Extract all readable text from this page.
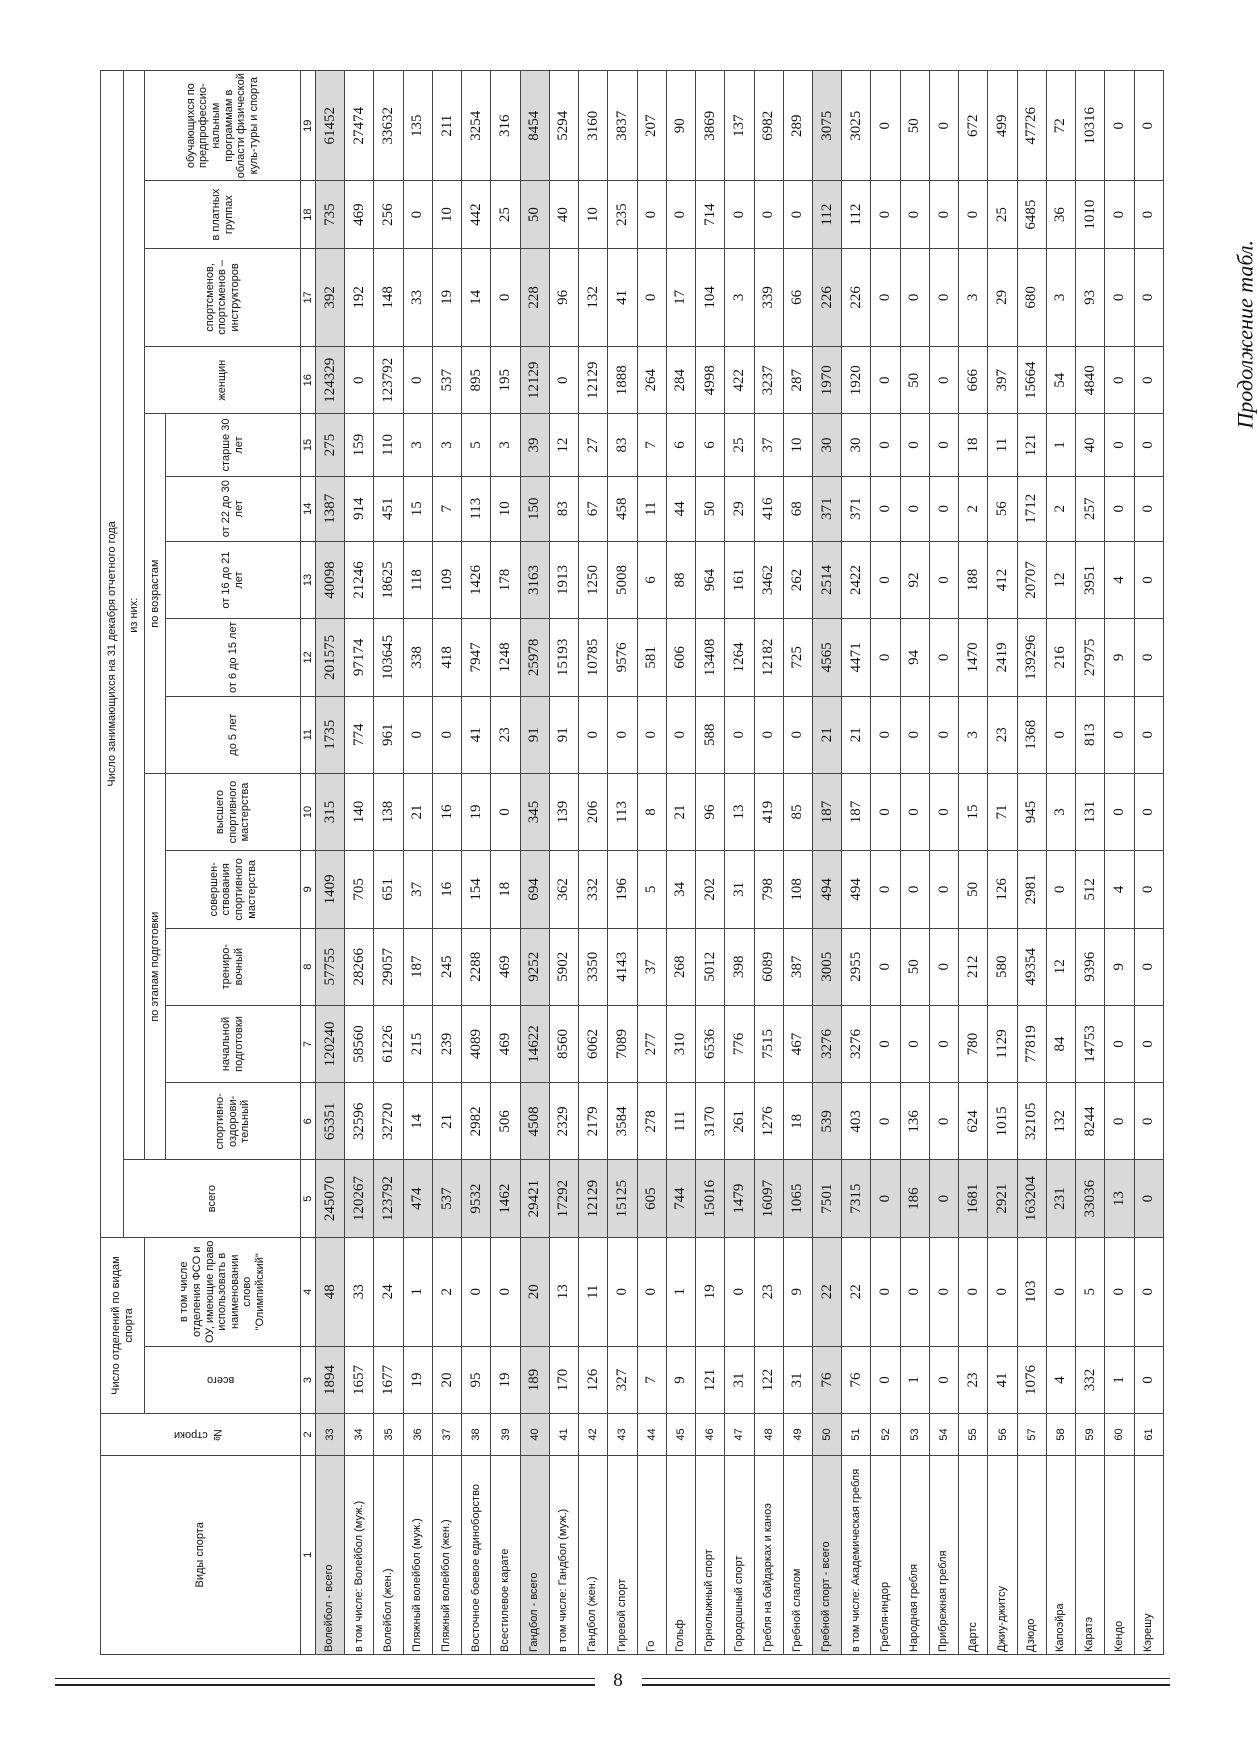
Продолжение табл.
Виды спорта	№ строки	Число отделений по видам спорта		Число занимающихся на 31 декабря отчетного года														
				всего	из них:													
		всего	в том числе отделения ФСО и ОУ, имеющие право использовать в наименовании слово "Олимпийский"		по этапам подготовки					по возрастам					женщин	спортсменов, спортсменов – инструкторов	в платных группах	обучающихся по предпрофессио-нальным программам в области физической куль-туры и спорта
					спортивно-оздорови-тельный	начальной подготовки	трениро-вочный	совершен-ствования спортивного мастерства	высшего спортивного мастерства	до 5 лет	от 6 до 15 лет	от 16 до 21 лет	от 22 до 30 лет	старше 30 лет				
1	2	3	4	5	6	7	8	9	10	11	12	13	14	15	16	17	18	19
Волейбол - всего	33	1894	48	245070	65351	120240	57755	1409	315	1735	201575	40098	1387	275	124329	392	735	61452
в том числе: Волейбол (муж.)	34	1657	33	120267	32596	58560	28266	705	140	774	97174	21246	914	159	0	192	469	27474
Волейбол (жен.)	35	1677	24	123792	32720	61226	29057	651	138	961	103645	18625	451	110	123792	148	256	33632
Пляжный волейбол (муж.)	36	19	1	474	14	215	187	37	21	0	338	118	15	3	0	33	0	135
Пляжный волейбол (жен.)	37	20	2	537	21	239	245	16	16	0	418	109	7	3	537	19	10	211
Восточное боевое единоборство	38	95	0	9532	2982	4089	2288	154	19	41	7947	1426	113	5	895	14	442	3254
Всестилевое карате	39	19	0	1462	506	469	469	18	0	23	1248	178	10	3	195	0	25	316
Гандбол - всего	40	189	20	29421	4508	14622	9252	694	345	91	25978	3163	150	39	12129	228	50	8454
в том числе: Гандбол (муж.)	41	170	13	17292	2329	8560	5902	362	139	91	15193	1913	83	12	0	96	40	5294
Гандбол (жен.)	42	126	11	12129	2179	6062	3350	332	206	0	10785	1250	67	27	12129	132	10	3160
Гиревой спорт	43	327	0	15125	3584	7089	4143	196	113	0	9576	5008	458	83	1888	41	235	3837
Го	44	7	0	605	278	277	37	5	8	0	581	6	11	7	264	0	0	207
Гольф	45	9	1	744	111	310	268	34	21	0	606	88	44	6	284	17	0	90
Горнолыжный спорт	46	121	19	15016	3170	6536	5012	202	96	588	13408	964	50	6	4998	104	714	3869
Городошный спорт	47	31	0	1479	261	776	398	31	13	0	1264	161	29	25	422	3	0	137
Гребля на байдарках и каноэ	48	122	23	16097	1276	7515	6089	798	419	0	12182	3462	416	37	3237	339	0	6982
Гребной слалом	49	31	9	1065	18	467	387	108	85	0	725	262	68	10	287	66	0	289
Гребной спорт - всего	50	76	22	7501	539	3276	3005	494	187	21	4565	2514	371	30	1970	226	112	3075
в том числе: Академическая гребля	51	76	22	7315	403	3276	2955	494	187	21	4471	2422	371	30	1920	226	112	3025
Гребля-индор	52	0	0	0	0	0	0	0	0	0	0	0	0	0	0	0	0	0
Народная гребля	53	1	0	186	136	0	50	0	0	0	94	92	0	0	50	0	0	50
Прибрежная гребля	54	0	0	0	0	0	0	0	0	0	0	0	0	0	0	0	0	0
Дартс	55	23	0	1681	624	780	212	50	15	3	1470	188	2	18	666	3	0	672
Джиу-джитсу	56	41	0	2921	1015	1129	580	126	71	23	2419	412	56	11	397	29	25	499
Дзюдо	57	1076	103	163204	32105	77819	49354	2981	945	1368	139296	20707	1712	121	15664	680	6485	47726
Капоэйра	58	4	0	231	132	84	12	0	3	0	216	12	2	1	54	3	36	72
Каратэ	59	332	5	33036	8244	14753	9396	512	131	813	27975	3951	257	40	4840	93	1010	10316
Кендо	60	1	0	13	0	0	9	4	0	0	9	4	0	0	0	0	0	0
Кэрешу	61	0	0	0	0	0	0	0	0	0	0	0	0	0	0	0	0	0
8
